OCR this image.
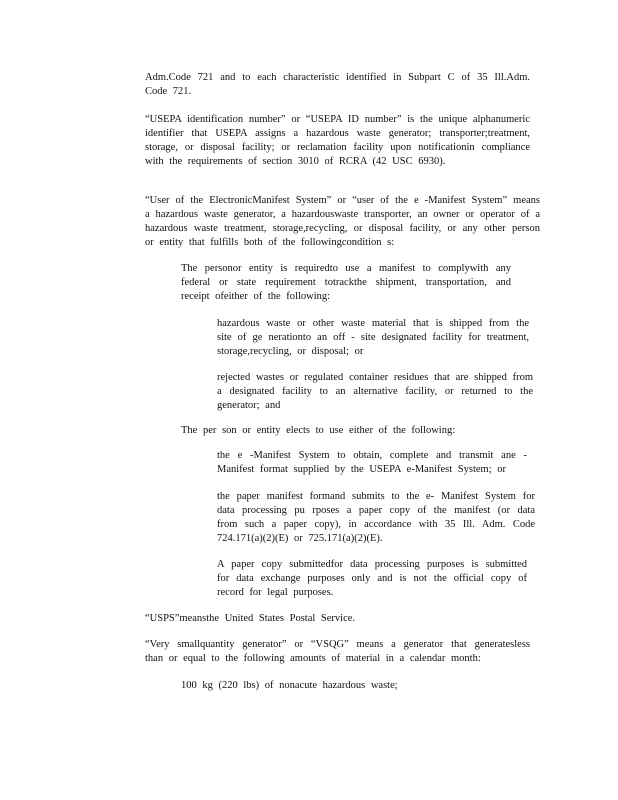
Adm.Code 721 and to each characteristic identified in Subpart C of 35 Ill.Adm. Code 721.

“USEPA identification number” or “USEPA ID number” is the unique alphanumeric identifier that USEPA assigns a hazardous waste generator; transporter;treatment, storage, or disposal facility; or reclamation facility upon notificationin compliance with the requirements of section 3010 of RCRA (42 USC 6930).

“User of the ElectronicManifest System” or “user of the e -Manifest System” means a hazardous waste generator, a hazardouswaste transporter, an owner or operator of a hazardous waste treatment, storage,recycling, or disposal facility, or any other person or entity that fulfills both of the followingcondition s:

The personor entity is requiredto use a manifest to complywith any federal or state requirement totrackthe shipment, transportation, and receipt ofeither of the following:

hazardous waste or other waste material that is shipped from the site of ge nerationto an off - site designated facility for treatment, storage,recycling, or disposal; or

rejected wastes or regulated container residues that are shipped from a designated facility to an alternative facility, or returned to the generator; and

The per son or entity elects to use either of the following:

the e -Manifest System to obtain, complete and transmit ane -Manifest format supplied by the USEPA e-Manifest System; or

the paper manifest formand submits to the e- Manifest System for data processing pu rposes a paper copy of the manifest (or data from such a paper copy), in accordance with 35 Ill. Adm. Code 724.171(a)(2)(E) or 725.171(a)(2)(E).

A paper copy submittedfor data processing purposes is submitted for data exchange purposes only and is not the official copy of record for legal purposes.

“USPS”meansthe United States Postal Service.

“Very smallquantity generator” or “VSQG” means a generator that generatesless than or equal to the following amounts of material in a calendar month:

100 kg (220 lbs) of nonacute hazardous waste;
